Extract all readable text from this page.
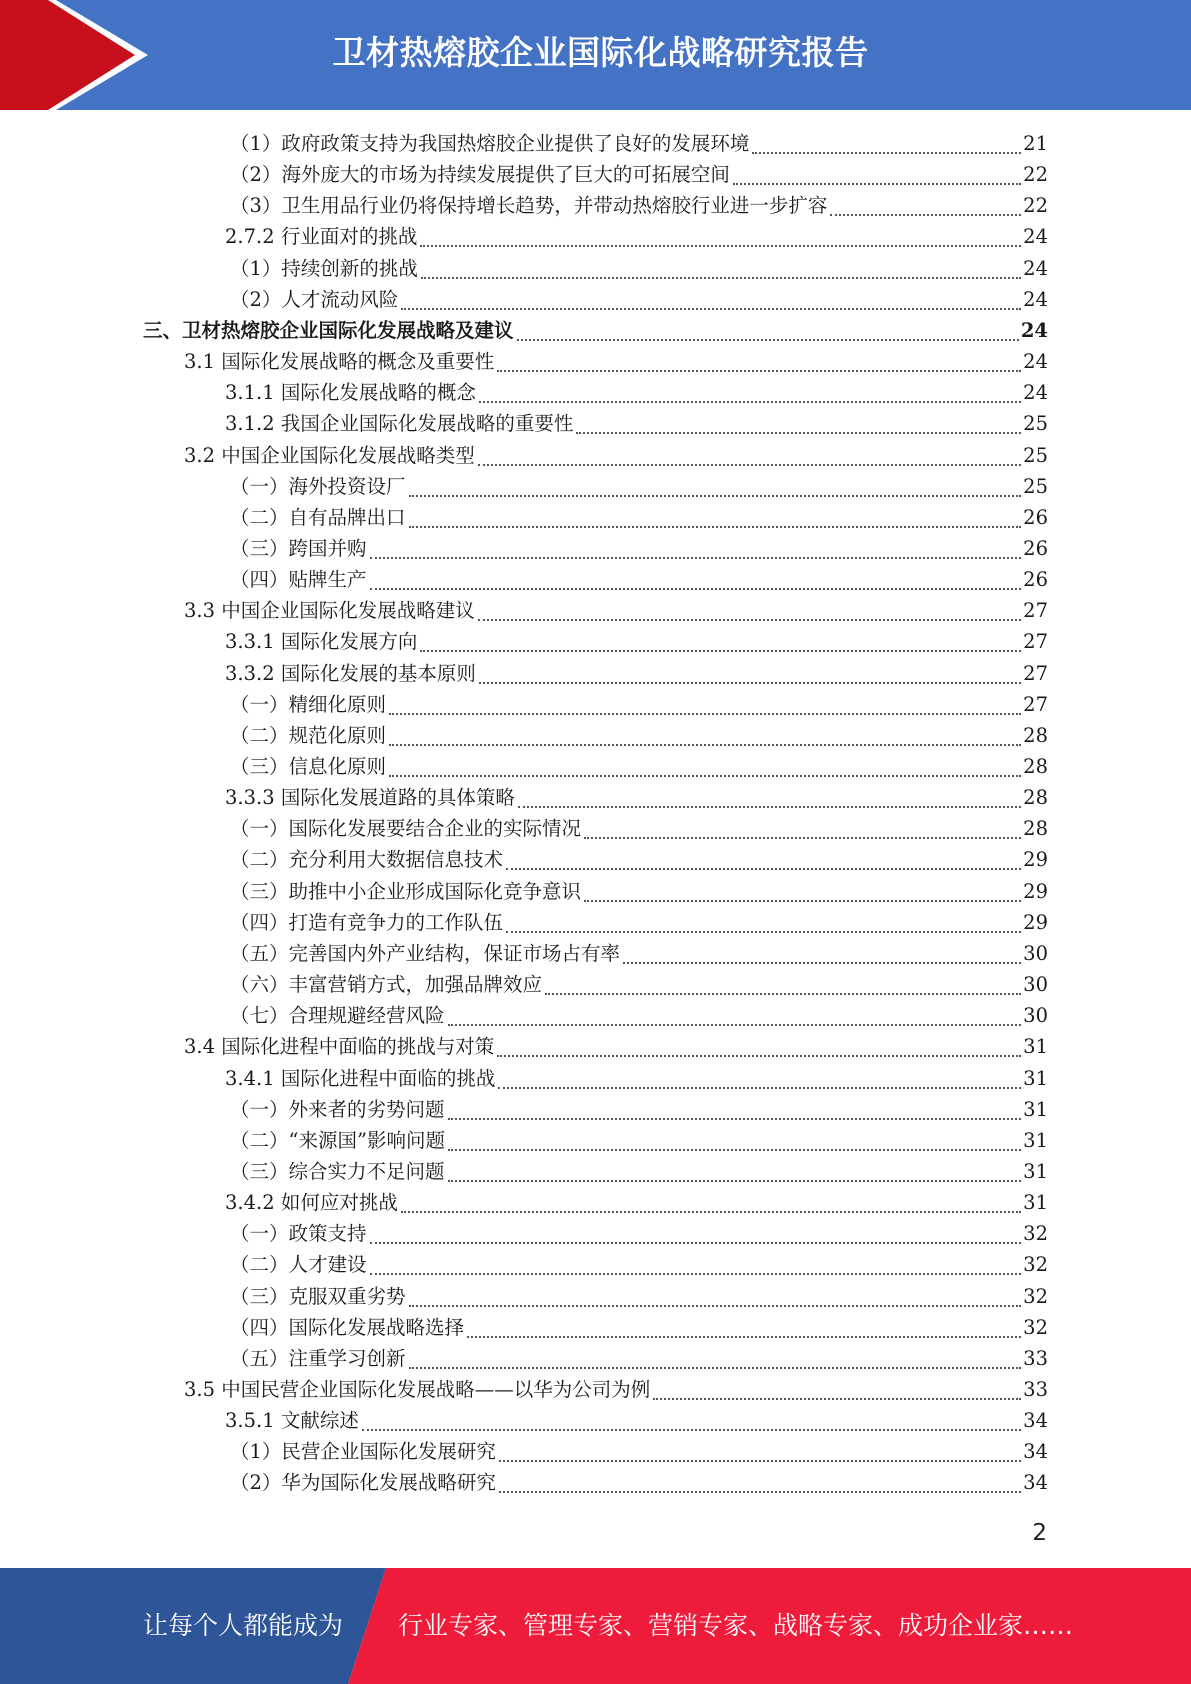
卫材热熔胶企业国际化战略研究报告
（1）政府政策支持为我国热熔胶企业提供了良好的发展环境	21
（2）海外庞大的市场为持续发展提供了巨大的可拓展空间	22
（3）卫生用品行业仍将保持增长趋势，并带动热熔胶行业进一步扩容	22
2.7.2 行业面对的挑战	24
（1）持续创新的挑战	24
（2）人才流动风险	24
三、卫材热熔胶企业国际化发展战略及建议	24
3.1 国际化发展战略的概念及重要性	24
3.1.1 国际化发展战略的概念	24
3.1.2 我国企业国际化发展战略的重要性	25
3.2 中国企业国际化发展战略类型	25
（一）海外投资设厂	25
（二）自有品牌出口	26
（三）跨国并购	26
（四）贴牌生产	26
3.3 中国企业国际化发展战略建议	27
3.3.1 国际化发展方向	27
3.3.2 国际化发展的基本原则	27
（一）精细化原则	27
（二）规范化原则	28
（三）信息化原则	28
3.3.3 国际化发展道路的具体策略	28
（一）国际化发展要结合企业的实际情况	28
（二）充分利用大数据信息技术	29
（三）助推中小企业形成国际化竞争意识	29
（四）打造有竞争力的工作队伍	29
（五）完善国内外产业结构，保证市场占有率	30
（六）丰富营销方式，加强品牌效应	30
（七）合理规避经营风险	30
3.4 国际化进程中面临的挑战与对策	31
3.4.1 国际化进程中面临的挑战	31
（一）外来者的劣势问题	31
（二）“来源国”影响问题	31
（三）综合实力不足问题	31
3.4.2 如何应对挑战	31
（一）政策支持	32
（二）人才建设	32
（三）克服双重劣势	32
（四）国际化发展战略选择	32
（五）注重学习创新	33
3.5 中国民营企业国际化发展战略——以华为公司为例	33
3.5.1 文献综述	34
（1）民营企业国际化发展研究	34
（2）华为国际化发展战略研究	34
2
让每个人都能成为 行业专家、管理专家、营销专家、战略专家、成功企业家……
